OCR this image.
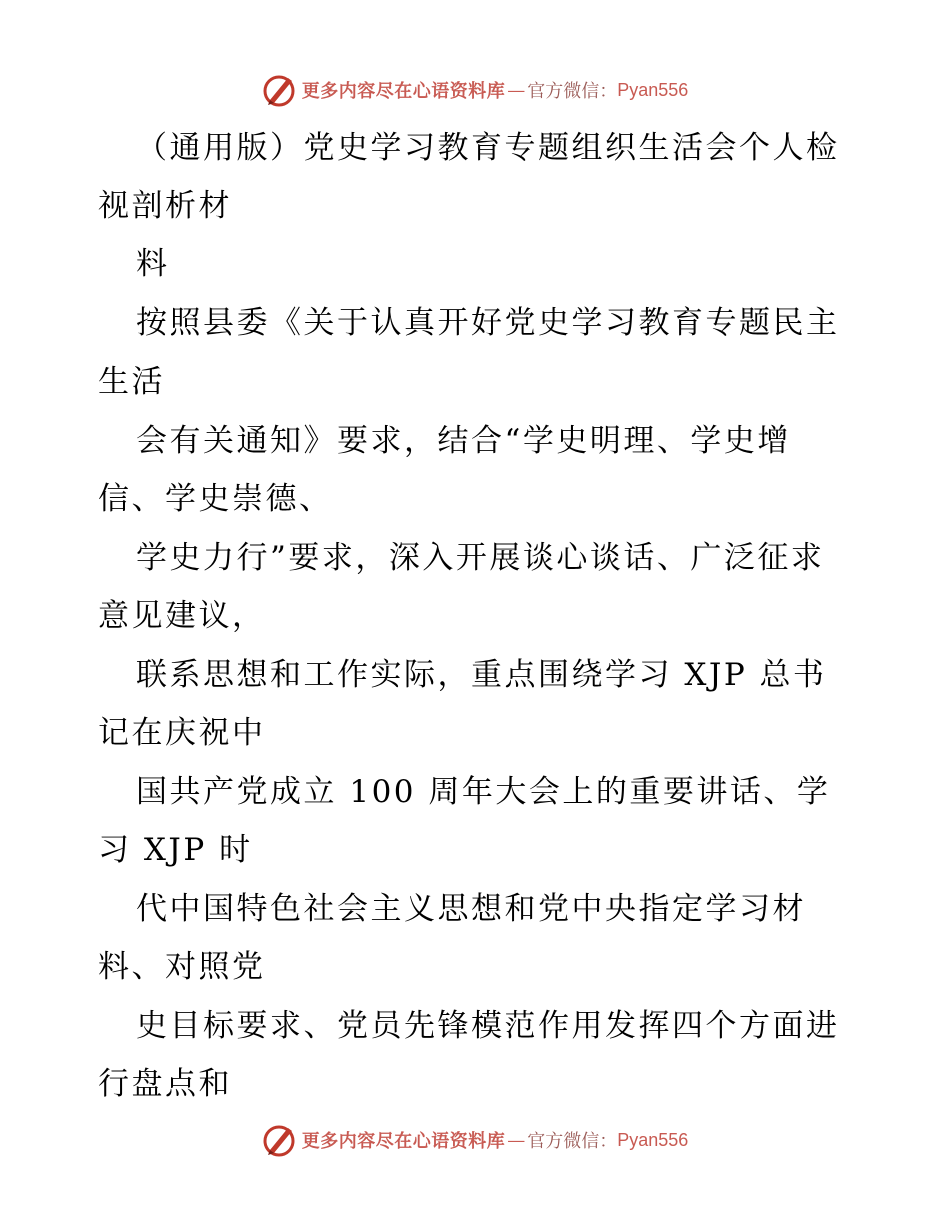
更多内容尽在心语资料库 — 官方微信： Pyan556
（通用版）党史学习教育专题组织生活会个人检
视剖析材
料
按照县委《关于认真开好党史学习教育专题民主
生活
会有关通知》要求，结合“学史明理、学史增
信、学史崇德、
学史力行”要求，深入开展谈心谈话、广泛征求
意见建议，
联系思想和工作实际，重点围绕学习 XJP 总书
记在庆祝中
国共产党成立 100 周年大会上的重要讲话、学
习 XJP 时
代中国特色社会主义思想和党中央指定学习材
料、对照党
史目标要求、党员先锋模范作用发挥四个方面进
行盘点和
更多内容尽在心语资料库 — 官方微信： Pyan556
